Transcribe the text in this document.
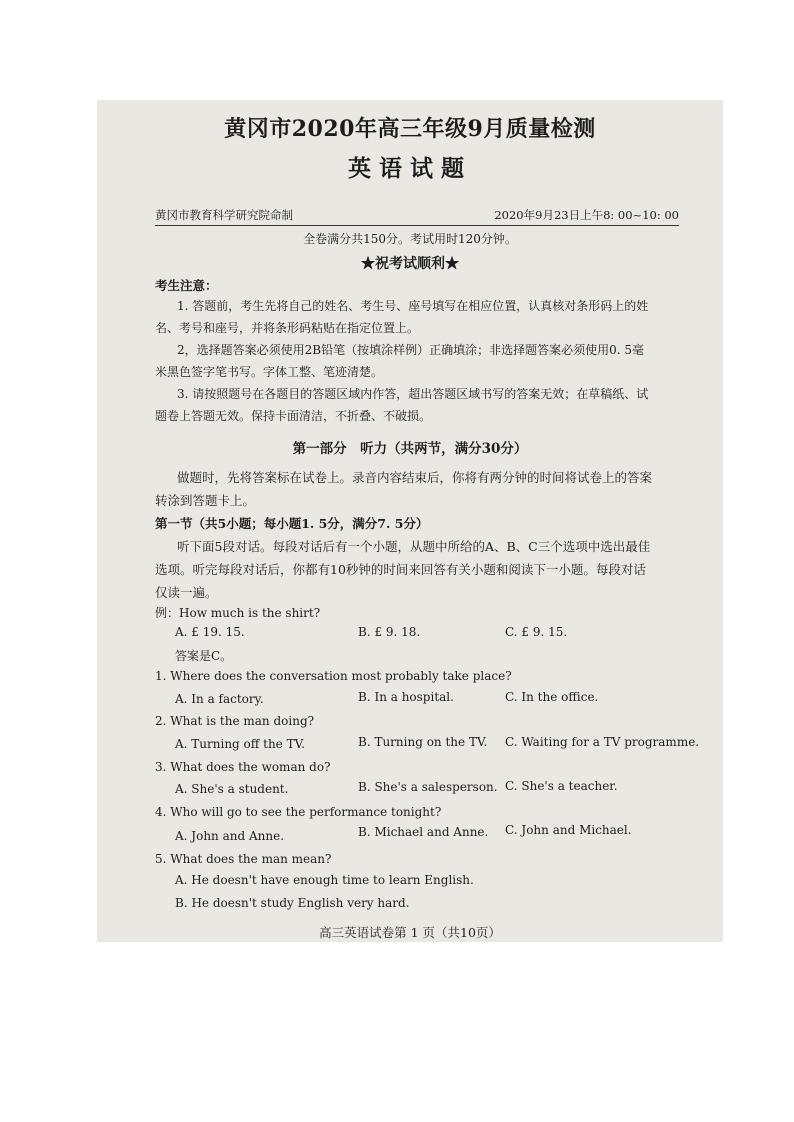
黄冈市2020年高三年级9月质量检测
英语试题
黄冈市教育科学研究院命制	2020年9月23日上午8: 00~10: 00
全卷满分共150分。考试用时120分钟。
★祝考试顺利★
考生注意：
1. 答题前，考生先将自己的姓名、考生号、座号填写在相应位置，认真核对条形码上的姓
名、考号和座号，并将条形码粘贴在指定位置上。
2，选择题答案必须使用2B铅笔（按填涂样例）正确填涂；非选择题答案必须使用0. 5毫
米黑色签字笔书写。字体工整、笔迹清楚。
3. 请按照题号在各题目的答题区域内作答，超出答题区域书写的答案无效；在草稿纸、试
题卷上答题无效。保持卡面清洁，不折叠、不破损。
第一部分　听力（共两节，满分30分）
做题时，先将答案标在试卷上。录音内容结束后，你将有两分钟的时间将试卷上的答案
转涂到答题卡上。
第一节（共5小题；每小题1. 5分，满分7. 5分）
听下面5段对话。每段对话后有一个小题，从题中所给的A、B、C三个选项中选出最佳
选项。听完每段对话后，你都有10秒钟的时间来回答有关小题和阅读下一小题。每段对话
仅读一遍。
例：How much is the shirt?
A. £ 19. 15.	B. £ 9. 18.	C. £ 9. 15.
答案是C。
1. Where does the conversation most probably take place?
A. In a factory.	B. In a hospital.	C. In the office.
2. What is the man doing?
A. Turning off the TV.	B. Turning on the TV. C. Waiting for a TV programme.
3. What does the woman do?
A. She's a student.	B. She's a salesperson. C. She's a teacher.
4. Who will go to see the performance tonight?
A. John and Anne.	B. Michael and Anne. C. John and Michael.
5. What does the man mean?
A. He doesn't have enough time to learn English.
B. He doesn't study English very hard.
高三英语试卷第 1 页（共10页）
